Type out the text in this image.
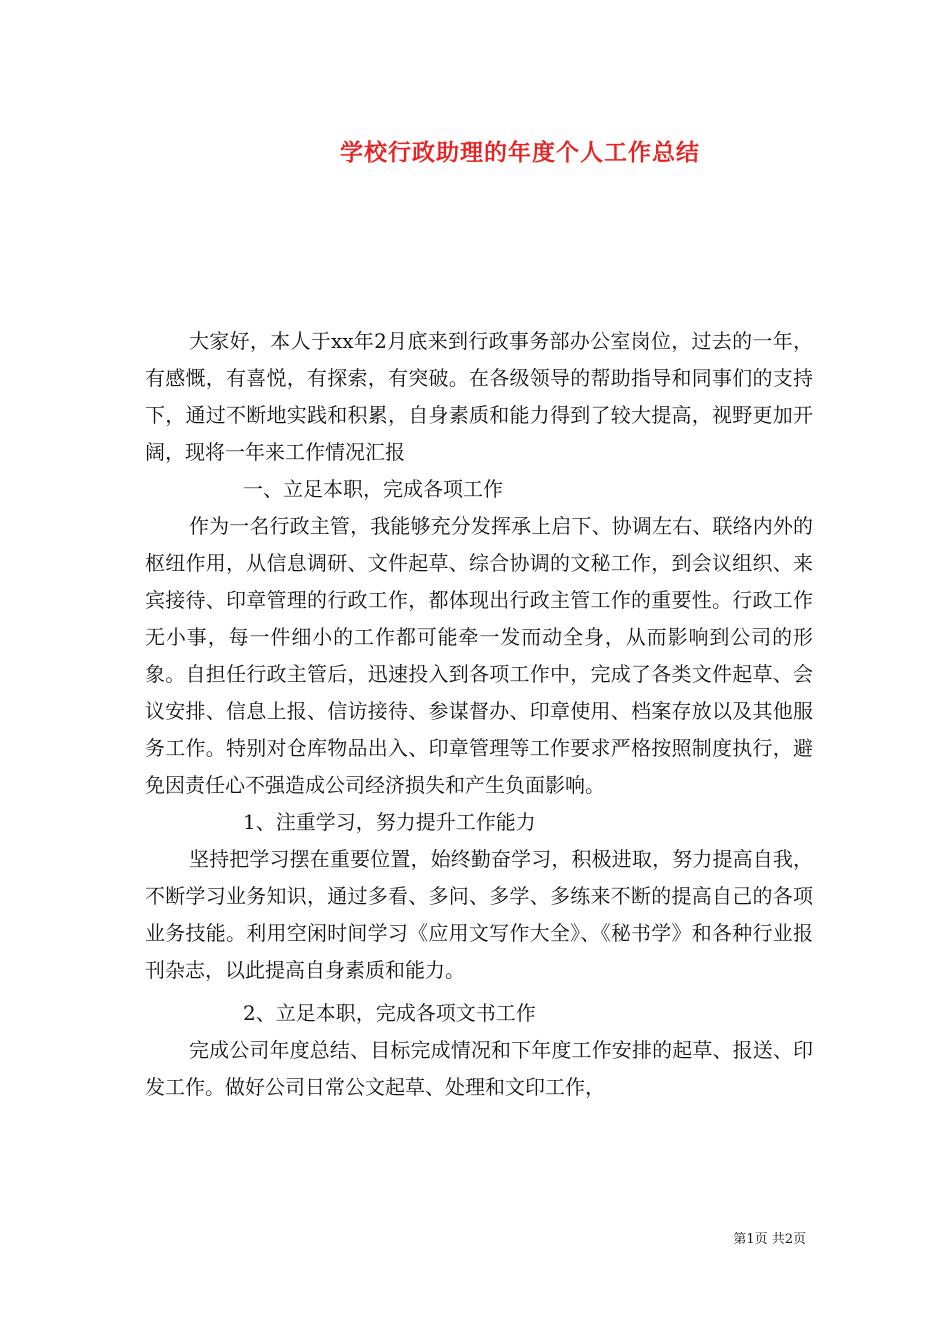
学校行政助理的年度个人工作总结

大家好，本人于xx年2月底来到行政事务部办公室岗位，过去的一年，有感慨，有喜悦，有探索，有突破。在各级领导的帮助指导和同事们的支持下，通过不断地实践和积累，自身素质和能力得到了较大提高，视野更加开阔，现将一年来工作情况汇报

一、立足本职，完成各项工作

作为一名行政主管，我能够充分发挥承上启下、协调左右、联络内外的枢纽作用，从信息调研、文件起草、综合协调的文秘工作，到会议组织、来宾接待、印章管理的行政工作，都体现出行政主管工作的重要性。行政工作无小事，每一件细小的工作都可能牵一发而动全身，从而影响到公司的形象。自担任行政主管后，迅速投入到各项工作中，完成了各类文件起草、会议安排、信息上报、信访接待、参谋督办、印章使用、档案存放以及其他服务工作。特别对仓库物品出入、印章管理等工作要求严格按照制度执行，避免因责任心不强造成公司经济损失和产生负面影响。

1、注重学习，努力提升工作能力

坚持把学习摆在重要位置，始终勤奋学习，积极进取，努力提高自我，不断学习业务知识，通过多看、多问、多学、多练来不断的提高自己的各项业务技能。利用空闲时间学习《应用文写作大全》、《秘书学》和各种行业报刊杂志，以此提高自身素质和能力。

2、立足本职，完成各项文书工作

完成公司年度总结、目标完成情况和下年度工作安排的起草、报送、印发工作。做好公司日常公文起草、处理和文印工作，

第1页 共2页
